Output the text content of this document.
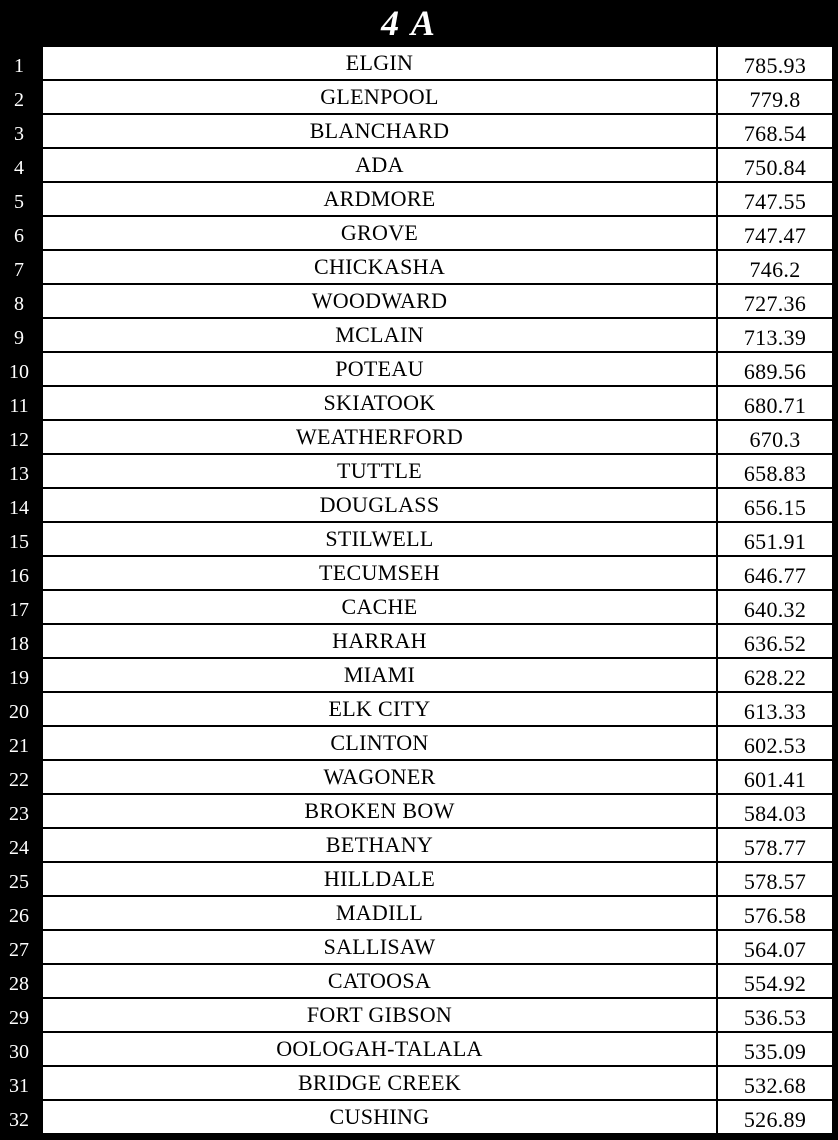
4 A
1	ELGIN	785.93
2	GLENPOOL	779.8
3	BLANCHARD	768.54
4	ADA	750.84
5	ARDMORE	747.55
6	GROVE	747.47
7	CHICKASHA	746.2
8	WOODWARD	727.36
9	MCLAIN	713.39
10	POTEAU	689.56
11	SKIATOOK	680.71
12	WEATHERFORD	670.3
13	TUTTLE	658.83
14	DOUGLASS	656.15
15	STILWELL	651.91
16	TECUMSEH	646.77
17	CACHE	640.32
18	HARRAH	636.52
19	MIAMI	628.22
20	ELK CITY	613.33
21	CLINTON	602.53
22	WAGONER	601.41
23	BROKEN BOW	584.03
24	BETHANY	578.77
25	HILLDALE	578.57
26	MADILL	576.58
27	SALLISAW	564.07
28	CATOOSA	554.92
29	FORT GIBSON	536.53
30	OOLOGAH-TALALA	535.09
31	BRIDGE CREEK	532.68
32	CUSHING	526.89
